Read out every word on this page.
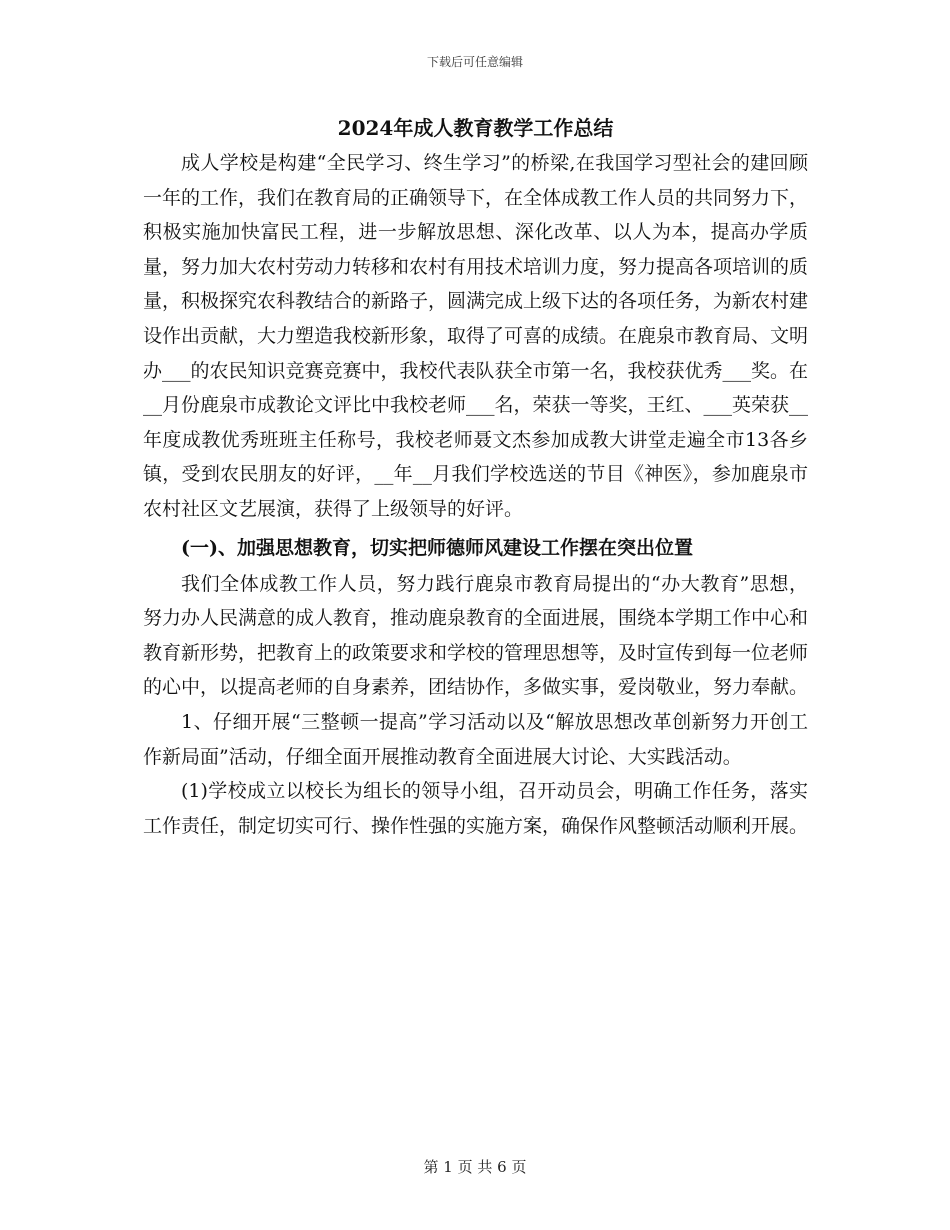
下载后可任意编辑
2024年成人教育教学工作总结

成人学校是构建“全民学习、终生学习”的桥梁,在我国学习型社会的建回顾一年的工作，我们在教育局的正确领导下，在全体成教工作人员的共同努力下，积极实施加快富民工程，进一步解放思想、深化改革、以人为本，提高办学质量，努力加大农村劳动力转移和农村有用技术培训力度，努力提高各项培训的质量，积极探究农科教结合的新路子，圆满完成上级下达的各项任务，为新农村建设作出贡献，大力塑造我校新形象，取得了可喜的成绩。在鹿泉市教育局、文明办___的农民知识竞赛竞赛中，我校代表队获全市第一名，我校获优秀___奖。在__月份鹿泉市成教论文评比中我校老师___名，荣获一等奖，王红、___英荣获__年度成教优秀班班主任称号，我校老师聂文杰参加成教大讲堂走遍全市13各乡镇，受到农民朋友的好评，__年__月我们学校选送的节目《神医》，参加鹿泉市农村社区文艺展演，获得了上级领导的好评。

(一)、加强思想教育，切实把师德师风建设工作摆在突出位置

我们全体成教工作人员，努力践行鹿泉市教育局提出的“办大教育”思想，努力办人民满意的成人教育，推动鹿泉教育的全面进展，围绕本学期工作中心和教育新形势，把教育上的政策要求和学校的管理思想等，及时宣传到每一位老师的心中，以提高老师的自身素养，团结协作，多做实事，爱岗敬业，努力奉献。

1、仔细开展“三整顿一提高”学习活动以及“解放思想改革创新努力开创工作新局面”活动，仔细全面开展推动教育全面进展大讨论、大实践活动。

(1)学校成立以校长为组长的领导小组，召开动员会，明确工作任务，落实工作责任，制定切实可行、操作性强的实施方案，确保作风整顿活动顺利开展。

第 1 页 共 6 页
